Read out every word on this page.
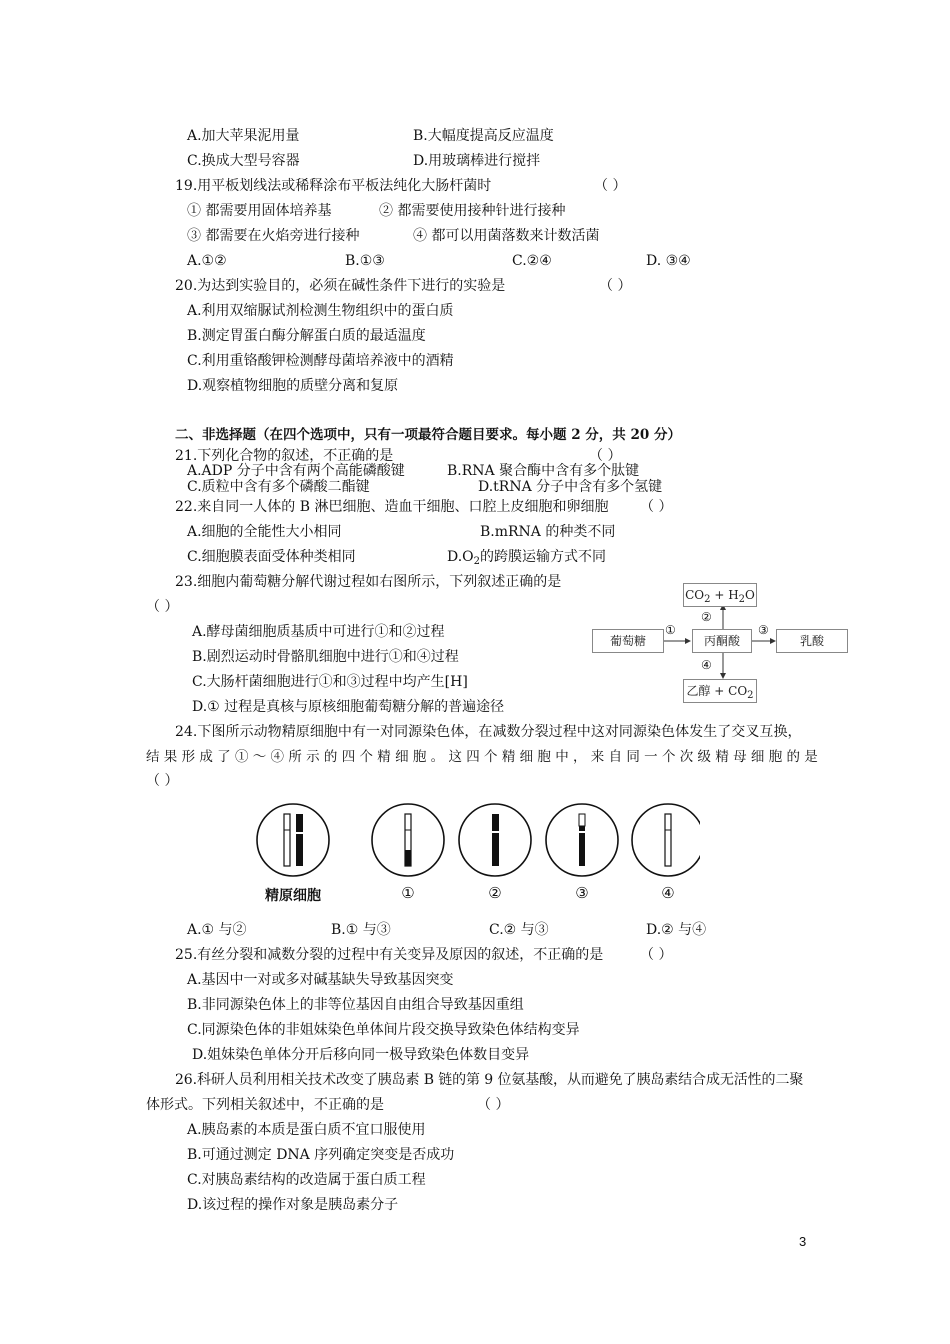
A.加大苹果泥用量	B.大幅度提高反应温度
C.换成大型号容器	D.用玻璃棒进行搅拌
19.用平板划线法或稀释涂布平板法纯化大肠杆菌时	（ ）
① 都需要用固体培养基	② 都需要使用接种针进行接种
③ 都需要在火焰旁进行接种	④ 都可以用菌落数来计数活菌
A.①②	B.①③	C.②④	D. ③④
20.为达到实验目的，必须在碱性条件下进行的实验是	（ ）
A.利用双缩脲试剂检测生物组织中的蛋白质
B.测定胃蛋白酶分解蛋白质的最适温度
C.利用重铬酸钾检测酵母菌培养液中的酒精
D.观察植物细胞的质壁分离和复原
二、非选择题（在四个选项中，只有一项最符合题目要求。每小题 2 分，共 20 分）
21.下列化合物的叙述，不正确的是	（ ）
A.ADP 分子中含有两个高能磷酸键	B.RNA 聚合酶中含有多个肽键
C.质粒中含有多个磷酸二酯键	D.tRNA 分子中含有多个氢键
22.来自同一人体的 B 淋巴细胞、造血干细胞、口腔上皮细胞和卵细胞 （ ）
A.细胞的全能性大小相同	B.mRNA 的种类不同
C.细胞膜表面受体种类相同	$D.O_2$的跨膜运输方式不同
23.细胞内葡萄糖分解代谢过程如右图所示，下列叙述正确的是
（ ）
A.酵母菌细胞质基质中可进行①和②过程
B.剧烈运动时骨骼肌细胞中进行①和④过程
C.大肠杆菌细胞进行①和③过程中均产生[H]
D.① 过程是真核与原核细胞葡萄糖分解的普遍途径
葡萄糖	丙酮酸	乳酸
$CO_2 + H_2O$
乙醇 + $CO_2$
①
②
③
④
24.下图所示动物精原细胞中有一对同源染色体，在减数分裂过程中这对同源染色体发生了交叉互换，
结 果 形 成 了 ① ～ ④ 所 示 的 四 个 精 细 胞 。 这 四 个 精 细 胞 中 ， 来 自 同 一 个 次 级 精 母 细 胞 的 是
（ ）
精原细胞	①	②	③	④
A.① 与②	B.① 与③	C.② 与③	D.② 与④
25.有丝分裂和减数分裂的过程中有关变异及原因的叙述，不正确的是	（ ）
A.基因中一对或多对碱基缺失导致基因突变
B.非同源染色体上的非等位基因自由组合导致基因重组
C.同源染色体的非姐妹染色单体间片段交换导致染色体结构变异
D.姐妹染色单体分开后移向同一极导致染色体数目变异
26.科研人员利用相关技术改变了胰岛素 B 链的第 9 位氨基酸，从而避免了胰岛素结合成无活性的二聚
体形式。下列相关叙述中，不正确的是	（ ）
A.胰岛素的本质是蛋白质不宜口服使用
B.可通过测定 DNA 序列确定突变是否成功
C.对胰岛素结构的改造属于蛋白质工程
D.该过程的操作对象是胰岛素分子
3
